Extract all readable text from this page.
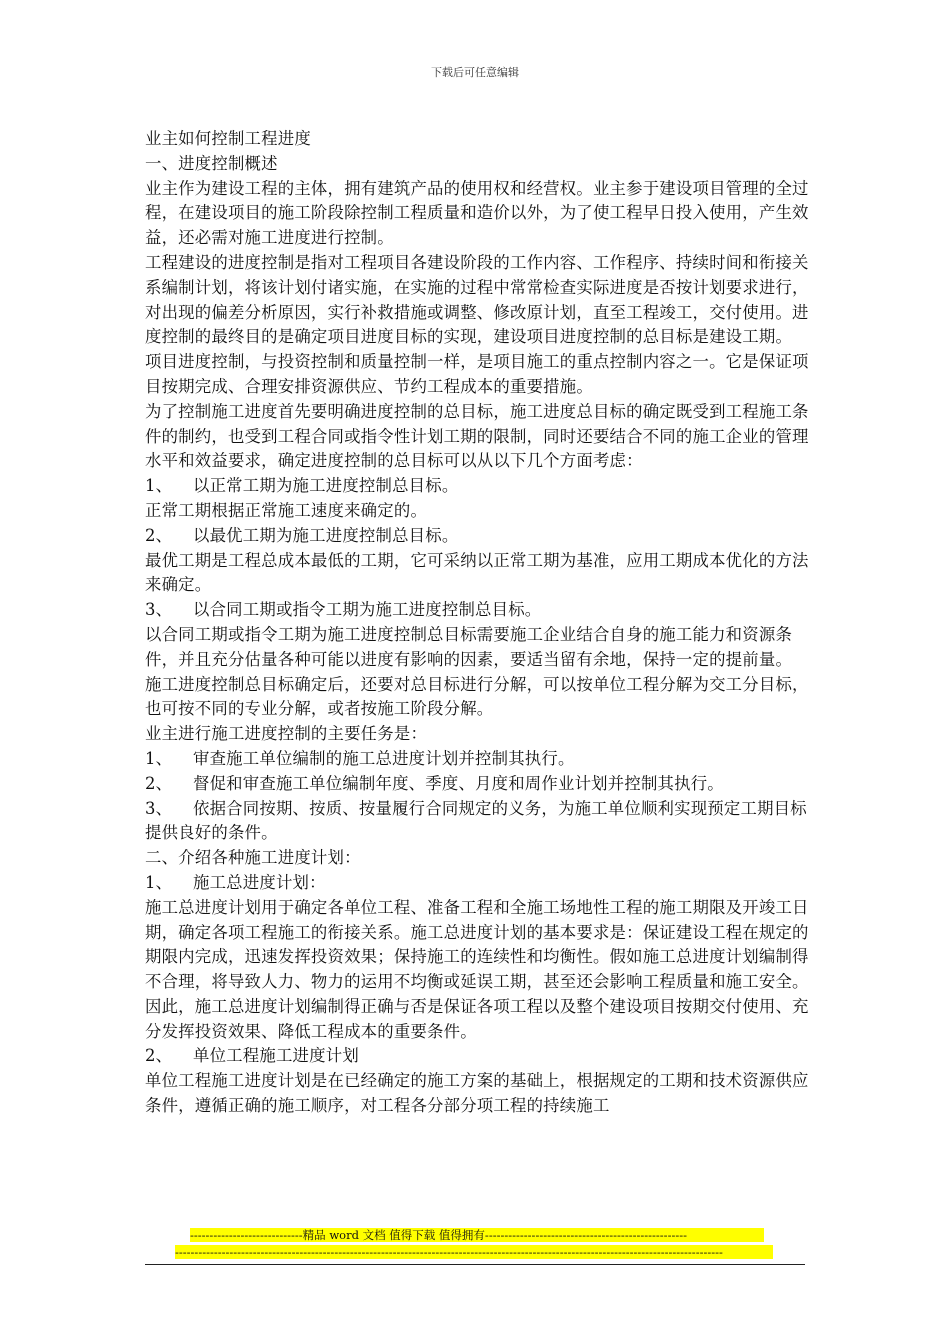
下载后可任意编辑

业主如何控制工程进度

一、进度控制概述

业主作为建设工程的主体，拥有建筑产品的使用权和经营权。业主参于建设项目管理的全过程，在建设项目的施工阶段除控制工程质量和造价以外，为了使工程早日投入使用，产生效益，还必需对施工进度进行控制。

工程建设的进度控制是指对工程项目各建设阶段的工作内容、工作程序、持续时间和衔接关系编制计划，将该计划付诸实施，在实施的过程中常常检查实际进度是否按计划要求进行，对出现的偏差分析原因，实行补救措施或调整、修改原计划，直至工程竣工，交付使用。进度控制的最终目的是确定项目进度目标的实现，建设项目进度控制的总目标是建设工期。

项目进度控制，与投资控制和质量控制一样，是项目施工的重点控制内容之一。它是保证项目按期完成、合理安排资源供应、节约工程成本的重要措施。

为了控制施工进度首先要明确进度控制的总目标，施工进度总目标的确定既受到工程施工条件的制约，也受到工程合同或指令性计划工期的限制，同时还要结合不同的施工企业的管理水平和效益要求，确定进度控制的总目标可以从以下几个方面考虑：

1、 以正常工期为施工进度控制总目标。

正常工期根据正常施工速度来确定的。

2、 以最优工期为施工进度控制总目标。

最优工期是工程总成本最低的工期，它可采纳以正常工期为基准，应用工期成本优化的方法来确定。

3、 以合同工期或指令工期为施工进度控制总目标。

以合同工期或指令工期为施工进度控制总目标需要施工企业结合自身的施工能力和资源条件，并且充分估量各种可能以进度有影响的因素，要适当留有余地，保持一定的提前量。

施工进度控制总目标确定后，还要对总目标进行分解，可以按单位工程分解为交工分目标，也可按不同的专业分解，或者按施工阶段分解。

业主进行施工进度控制的主要任务是：

1、 审查施工单位编制的施工总进度计划并控制其执行。

2、 督促和审查施工单位编制年度、季度、月度和周作业计划并控制其执行。

3、 依据合同按期、按质、按量履行合同规定的义务，为施工单位顺利实现预定工期目标提供良好的条件。

二、介绍各种施工进度计划：

1、 施工总进度计划：

施工总进度计划用于确定各单位工程、准备工程和全施工场地性工程的施工期限及开竣工日期，确定各项工程施工的衔接关系。施工总进度计划的基本要求是：保证建设工程在规定的期限内完成，迅速发挥投资效果；保持施工的连续性和均衡性。假如施工总进度计划编制得不合理，将导致人力、物力的运用不均衡或延误工期，甚至还会影响工程质量和施工安全。因此，施工总进度计划编制得正确与否是保证各项工程以及整个建设项目按期交付使用、充分发挥投资效果、降低工程成本的重要条件。

2、 单位工程施工进度计划

单位工程施工进度计划是在已经确定的施工方案的基础上，根据规定的工期和技术资源供应条件，遵循正确的施工顺序，对工程各分部分项工程的持续施工

-----------------------------精品 word 文档 值得下载 值得拥有----------------------------------------------------
---------------------------------------------------------------------------------------------------------------------------------------------
